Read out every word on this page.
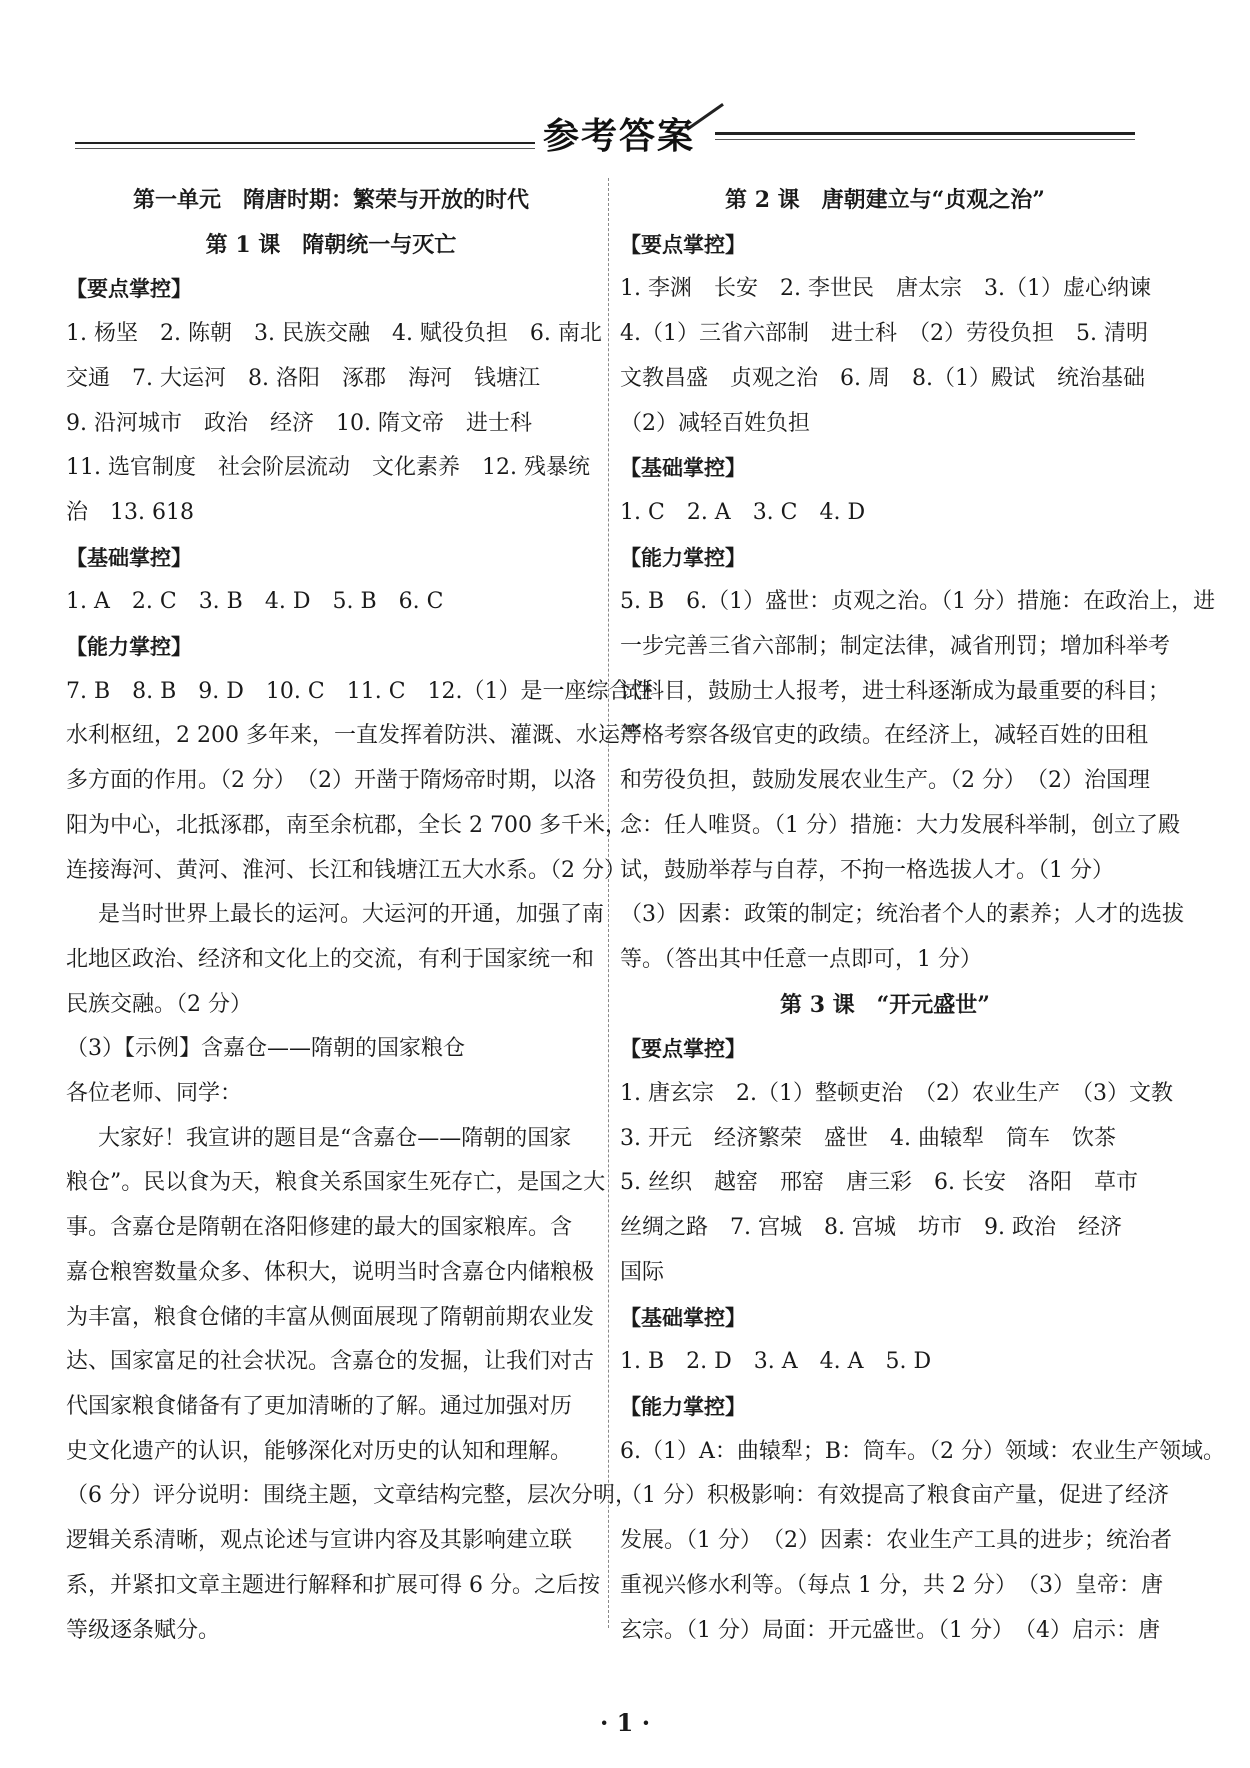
参考答案

第一单元　隋唐时期：繁荣与开放的时代

第 1 课　隋朝统一与灭亡

【要点掌控】

1. 杨坚　2. 陈朝　3. 民族交融　4. 赋役负担　6. 南北

交通　7. 大运河　8. 洛阳　涿郡　海河　钱塘江

9. 沿河城市　政治　经济　10. 隋文帝　进士科

11. 选官制度　社会阶层流动　文化素养　12. 残暴统

治　13. 618

【基础掌控】

1. A　2. C　3. B　4. D　5. B　6. C

【能力掌控】

7. B　8. B　9. D　10. C　11. C　12.（1）是一座综合性

水利枢纽，2 200 多年来，一直发挥着防洪、灌溉、水运等

多方面的作用。（2 分）　（2）开凿于隋炀帝时期，以洛

阳为中心，北抵涿郡，南至余杭郡，全长 2 700 多千米，

连接海河、黄河、淮河、长江和钱塘江五大水系。（2 分）

是当时世界上最长的运河。大运河的开通，加强了南

北地区政治、经济和文化上的交流，有利于国家统一和

民族交融。（2 分）

（3）【示例】含嘉仓——隋朝的国家粮仓

各位老师、同学：

大家好！我宣讲的题目是“含嘉仓——隋朝的国家

粮仓”。民以食为天，粮食关系国家生死存亡，是国之大

事。含嘉仓是隋朝在洛阳修建的最大的国家粮库。含

嘉仓粮窖数量众多、体积大，说明当时含嘉仓内储粮极

为丰富，粮食仓储的丰富从侧面展现了隋朝前期农业发

达、国家富足的社会状况。含嘉仓的发掘，让我们对古

代国家粮食储备有了更加清晰的了解。通过加强对历

史文化遗产的认识，能够深化对历史的认知和理解。

（6 分）评分说明：围绕主题，文章结构完整，层次分明，

逻辑关系清晰，观点论述与宣讲内容及其影响建立联

系，并紧扣文章主题进行解释和扩展可得 6 分。之后按

等级逐条赋分。

第 2 课　唐朝建立与“贞观之治”

【要点掌控】

1. 李渊　长安　2. 李世民　唐太宗　3.（1）虚心纳谏

4.（1）三省六部制　进士科　（2）劳役负担　5. 清明

文教昌盛　贞观之治　6. 周　8.（1）殿试　统治基础

（2）减轻百姓负担

【基础掌控】

1. C　2. A　3. C　4. D

【能力掌控】

5. B　6.（1）盛世：贞观之治。（1 分）措施：在政治上，进

一步完善三省六部制；制定法律，减省刑罚；增加科举考

试科目，鼓励士人报考，进士科逐渐成为最重要的科目；

严格考察各级官吏的政绩。在经济上，减轻百姓的田租

和劳役负担，鼓励发展农业生产。（2 分）　（2）治国理

念：任人唯贤。（1 分）措施：大力发展科举制，创立了殿

试，鼓励举荐与自荐，不拘一格选拔人才。（1 分）

（3）因素：政策的制定；统治者个人的素养；人才的选拔

等。（答出其中任意一点即可，1 分）

第 3 课　“开元盛世”

【要点掌控】

1. 唐玄宗　2.（1）整顿吏治　（2）农业生产　（3）文教

3. 开元　经济繁荣　盛世　4. 曲辕犁　筒车　饮茶

5. 丝织　越窑　邢窑　唐三彩　6. 长安　洛阳　草市

丝绸之路　7. 宫城　8. 宫城　坊市　9. 政治　经济

国际

【基础掌控】

1. B　2. D　3. A　4. A　5. D

【能力掌控】

6.（1）A：曲辕犁；B：筒车。（2 分）领域：农业生产领域。

（1 分）积极影响：有效提高了粮食亩产量，促进了经济

发展。（1 分）　（2）因素：农业生产工具的进步；统治者

重视兴修水利等。（每点 1 分，共 2 分）　（3）皇帝：唐

玄宗。（1 分）局面：开元盛世。（1 分）　（4）启示：唐

· 1 ·
